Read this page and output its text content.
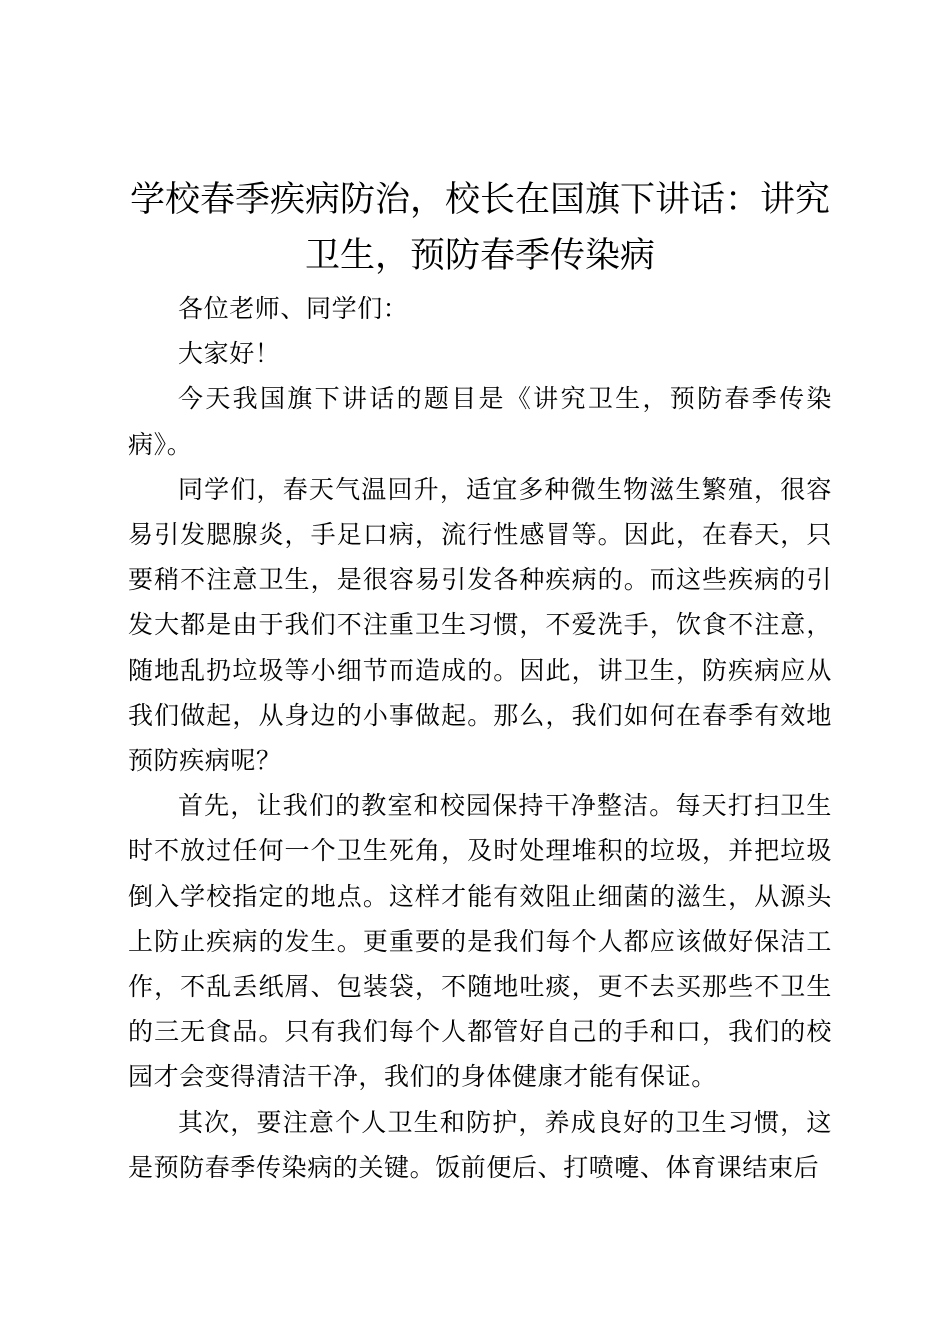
学校春季疾病防治，校长在国旗下讲话：讲究卫生，预防春季传染病

各位老师、同学们：

大家好！

今天我国旗下讲话的题目是《讲究卫生，预防春季传染病》。

同学们，春天气温回升，适宜多种微生物滋生繁殖，很容易引发腮腺炎，手足口病，流行性感冒等。因此，在春天，只要稍不注意卫生，是很容易引发各种疾病的。而这些疾病的引发大都是由于我们不注重卫生习惯，不爱洗手，饮食不注意，随地乱扔垃圾等小细节而造成的。因此，讲卫生，防疾病应从我们做起，从身边的小事做起。那么，我们如何在春季有效地预防疾病呢？

首先，让我们的教室和校园保持干净整洁。每天打扫卫生时不放过任何一个卫生死角，及时处理堆积的垃圾，并把垃圾倒入学校指定的地点。这样才能有效阻止细菌的滋生，从源头上防止疾病的发生。更重要的是我们每个人都应该做好保洁工作，不乱丢纸屑、包装袋，不随地吐痰，更不去买那些不卫生的三无食品。只有我们每个人都管好自己的手和口，我们的校园才会变得清洁干净，我们的身体健康才能有保证。

其次，要注意个人卫生和防护，养成良好的卫生习惯，这是预防春季传染病的关键。饭前便后、打喷嚏、体育课结束后
